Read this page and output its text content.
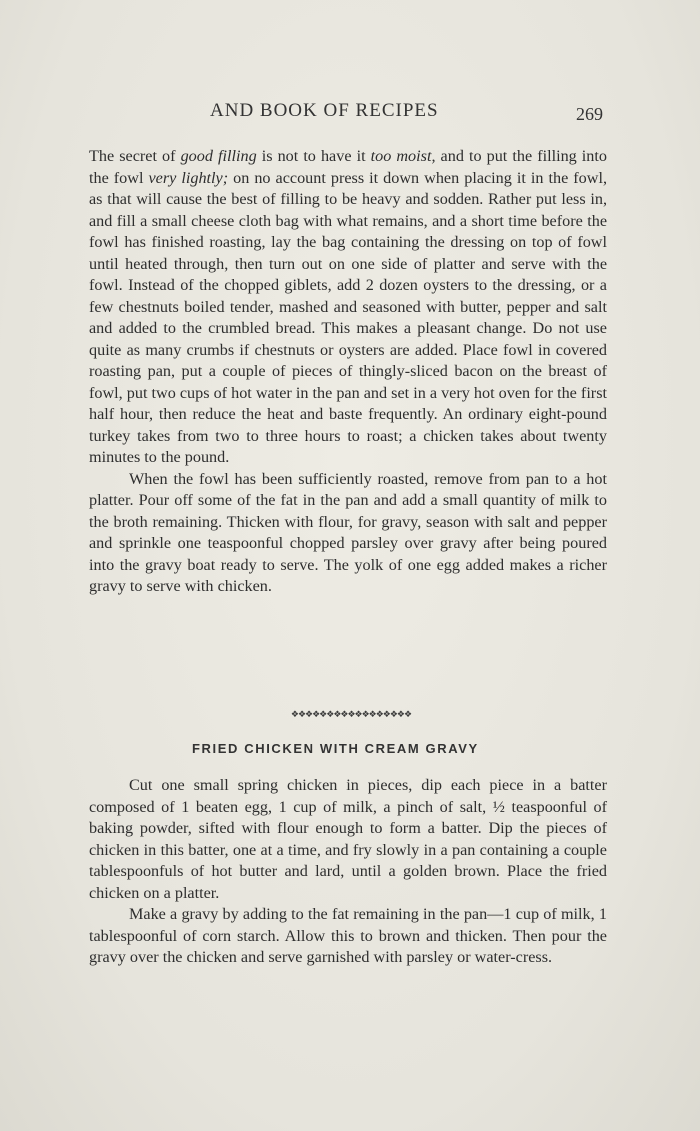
AND BOOK OF RECIPES	269

The secret of good filling is not to have it too moist, and to put the filling into the fowl very lightly; on no account press it down when placing it in the fowl, as that will cause the best of filling to be heavy and sodden. Rather put less in, and fill a small cheese cloth bag with what remains, and a short time before the fowl has finished roasting, lay the bag containing the dressing on top of fowl until heated through, then turn out on one side of platter and serve with the fowl. Instead of the chopped giblets, add 2 dozen oysters to the dressing, or a few chestnuts boiled tender, mashed and seasoned with butter, pepper and salt and added to the crumbled bread. This makes a pleasant change. Do not use quite as many crumbs if chestnuts or oysters are added. Place fowl in covered roasting pan, put a couple of pieces of thingly-sliced bacon on the breast of fowl, put two cups of hot water in the pan and set in a very hot oven for the first half hour, then reduce the heat and baste frequently. An ordinary eight-pound turkey takes from two to three hours to roast; a chicken takes about twenty minutes to the pound.

When the fowl has been sufficiently roasted, remove from pan to a hot platter. Pour off some of the fat in the pan and add a small quantity of milk to the broth remaining. Thicken with flour, for gravy, season with salt and pepper and sprinkle one teaspoonful chopped parsley over gravy after being poured into the gravy boat ready to serve. The yolk of one egg added makes a richer gravy to serve with chicken.

❖❖❖❖❖❖❖❖❖❖❖❖❖❖❖❖❖
FRIED CHICKEN WITH CREAM GRAVY

Cut one small spring chicken in pieces, dip each piece in a batter composed of 1 beaten egg, 1 cup of milk, a pinch of salt, ½ teaspoonful of baking powder, sifted with flour enough to form a batter. Dip the pieces of chicken in this batter, one at a time, and fry slowly in a pan containing a couple tablespoonfuls of hot butter and lard, until a golden brown. Place the fried chicken on a platter.

Make a gravy by adding to the fat remaining in the pan—1 cup of milk, 1 tablespoonful of corn starch. Allow this to brown and thicken. Then pour the gravy over the chicken and serve garnished with parsley or water-cress.
